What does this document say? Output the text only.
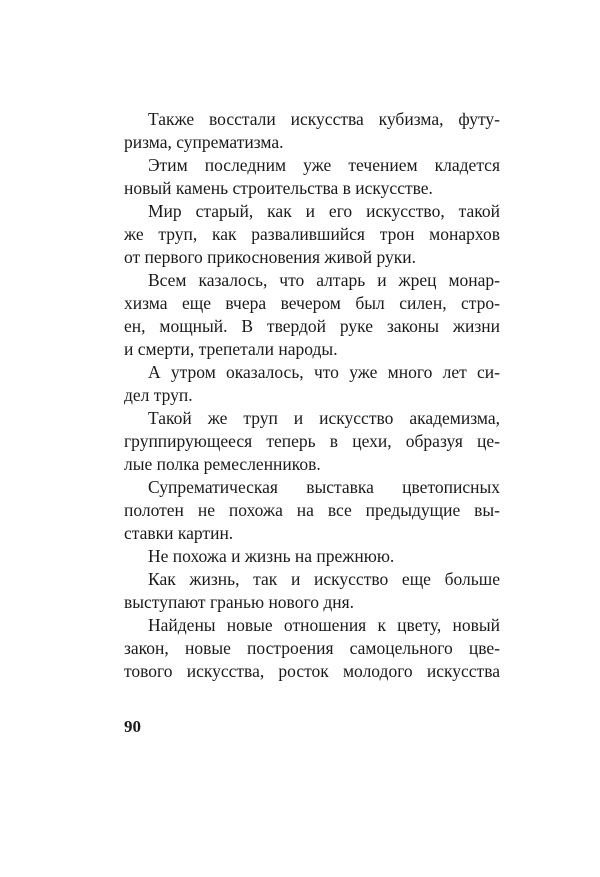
Также восстали искусства кубизма, футу-
ризма, супрематизма.
Этим последним уже течением кладется
новый камень строительства в искусстве.
Мир старый, как и его искусство, такой
же труп, как развалившийся трон монархов
от первого прикосновения живой руки.
Всем казалось, что алтарь и жрец монар-
хизма еще вчера вечером был силен, стро-
ен, мощный. В твердой руке законы жизни
и смерти, трепетали народы.
А утром оказалось, что уже много лет си-
дел труп.
Такой же труп и искусство академизма,
группирующееся теперь в цехи, образуя це-
лые полка ремесленников.
Супрематическая выставка цветописных
полотен не похожа на все предыдущие вы-
ставки картин.
Не похожа и жизнь на прежнюю.
Как жизнь, так и искусство еще больше
выступают гранью нового дня.
Найдены новые отношения к цвету, новый
закон, новые построения самоцельного цве-
тового искусства, росток молодого искусства
90
